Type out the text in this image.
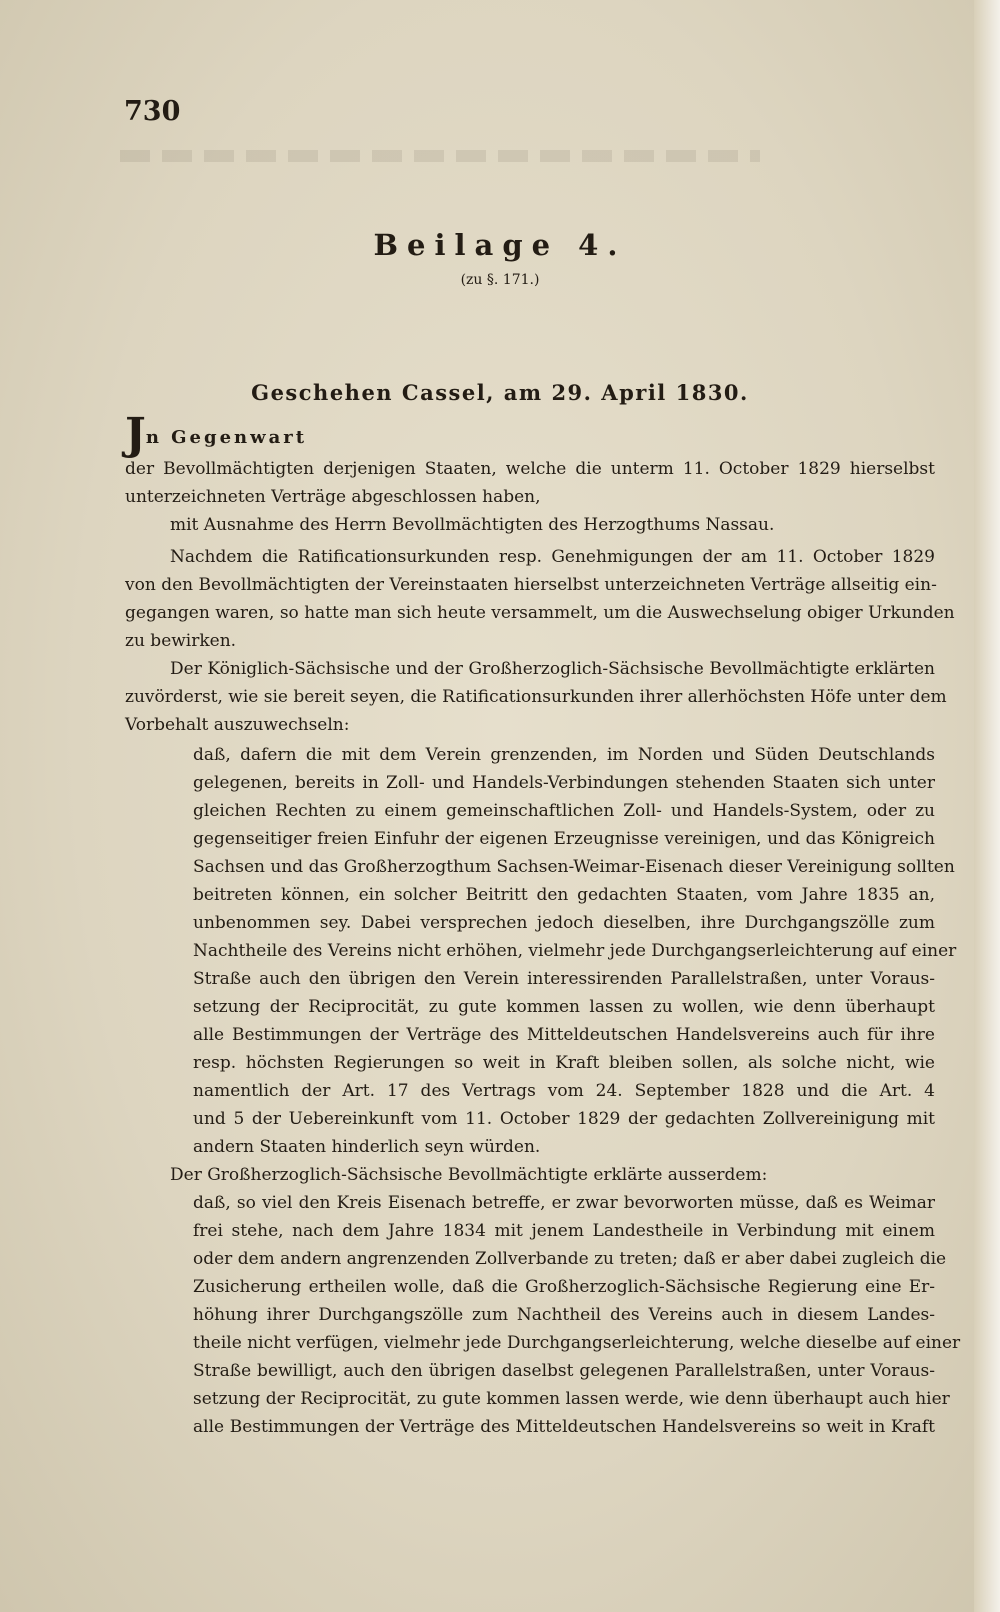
730
Beilage 4.
(zu §. 171.)
Geschehen Cassel, am 29. April 1830.
Jn Gegenwart
der Bevollmächtigten derjenigen Staaten, welche die unterm 11. October 1829 hierselbst
unterzeichneten Verträge abgeschlossen haben,
mit Ausnahme des Herrn Bevollmächtigten des Herzogthums Nassau.
Nachdem die Ratificationsurkunden resp. Genehmigungen der am 11. October 1829
von den Bevollmächtigten der Vereinstaaten hierselbst unterzeichneten Verträge allseitig ein-
gegangen waren, so hatte man sich heute versammelt, um die Auswechselung obiger Urkunden
zu bewirken.
Der Königlich-Sächsische und der Großherzoglich-Sächsische Bevollmächtigte erklärten
zuvörderst, wie sie bereit seyen, die Ratificationsurkunden ihrer allerhöchsten Höfe unter dem
Vorbehalt auszuwechseln:
daß, dafern die mit dem Verein grenzenden, im Norden und Süden Deutschlands
gelegenen, bereits in Zoll- und Handels-Verbindungen stehenden Staaten sich unter
gleichen Rechten zu einem gemeinschaftlichen Zoll- und Handels-System, oder zu
gegenseitiger freien Einfuhr der eigenen Erzeugnisse vereinigen, und das Königreich
Sachsen und das Großherzogthum Sachsen-Weimar-Eisenach dieser Vereinigung sollten
beitreten können, ein solcher Beitritt den gedachten Staaten, vom Jahre 1835 an,
unbenommen sey. Dabei versprechen jedoch dieselben, ihre Durchgangszölle zum
Nachtheile des Vereins nicht erhöhen, vielmehr jede Durchgangserleichterung auf einer
Straße auch den übrigen den Verein interessirenden Parallelstraßen, unter Voraus-
setzung der Reciprocität, zu gute kommen lassen zu wollen, wie denn überhaupt
alle Bestimmungen der Verträge des Mitteldeutschen Handelsvereins auch für ihre
resp. höchsten Regierungen so weit in Kraft bleiben sollen, als solche nicht, wie
namentlich der Art. 17 des Vertrags vom 24. September 1828 und die Art. 4
und 5 der Uebereinkunft vom 11. October 1829 der gedachten Zollvereinigung mit
andern Staaten hinderlich seyn würden.
Der Großherzoglich-Sächsische Bevollmächtigte erklärte ausserdem:
daß, so viel den Kreis Eisenach betreffe, er zwar bevorworten müsse, daß es Weimar
frei stehe, nach dem Jahre 1834 mit jenem Landestheile in Verbindung mit einem
oder dem andern angrenzenden Zollverbande zu treten; daß er aber dabei zugleich die
Zusicherung ertheilen wolle, daß die Großherzoglich-Sächsische Regierung eine Er-
höhung ihrer Durchgangszölle zum Nachtheil des Vereins auch in diesem Landes-
theile nicht verfügen, vielmehr jede Durchgangserleichterung, welche dieselbe auf einer
Straße bewilligt, auch den übrigen daselbst gelegenen Parallelstraßen, unter Voraus-
setzung der Reciprocität, zu gute kommen lassen werde, wie denn überhaupt auch hier
alle Bestimmungen der Verträge des Mitteldeutschen Handelsvereins so weit in Kraft
